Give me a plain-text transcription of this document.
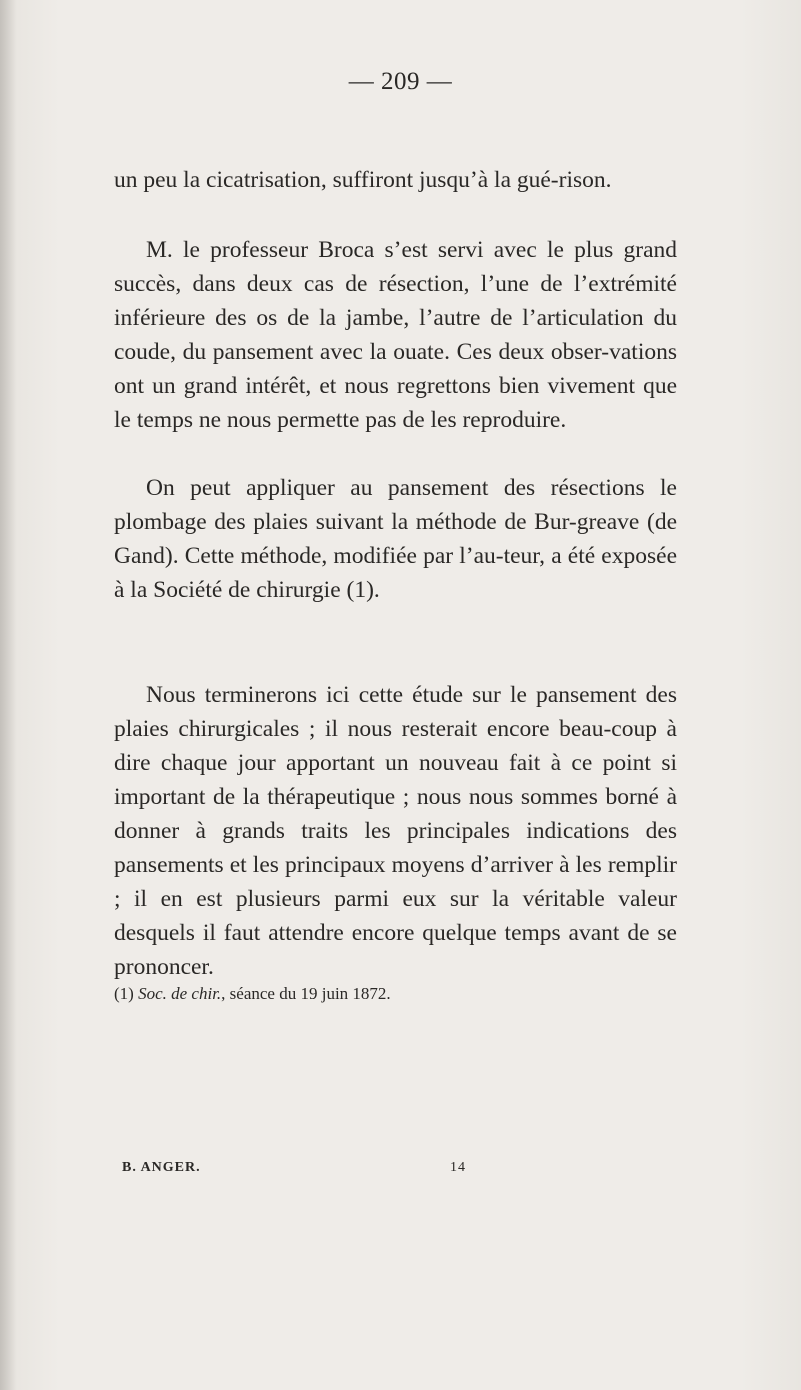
— 209 —

un peu la cicatrisation, suffiront jusqu’à la gué-rison.

M. le professeur Broca s’est servi avec le plus grand succès, dans deux cas de résection, l’une de l’extrémité inférieure des os de la jambe, l’autre de l’articulation du coude, du pansement avec la ouate. Ces deux obser-vations ont un grand intérêt, et nous regrettons bien vivement que le temps ne nous permette pas de les reproduire.

On peut appliquer au pansement des résections le plombage des plaies suivant la méthode de Bur-greave (de Gand). Cette méthode, modifiée par l’au-teur, a été exposée à la Société de chirurgie (1).

Nous terminerons ici cette étude sur le pansement des plaies chirurgicales ; il nous resterait encore beau-coup à dire chaque jour apportant un nouveau fait à ce point si important de la thérapeutique ; nous nous sommes borné à donner à grands traits les principales indications des pansements et les principaux moyens d’arriver à les remplir ; il en est plusieurs parmi eux sur la véritable valeur desquels il faut attendre encore quelque temps avant de se prononcer.

(1) Soc. de chir., séance du 19 juin 1872.
B. ANGER.	14
